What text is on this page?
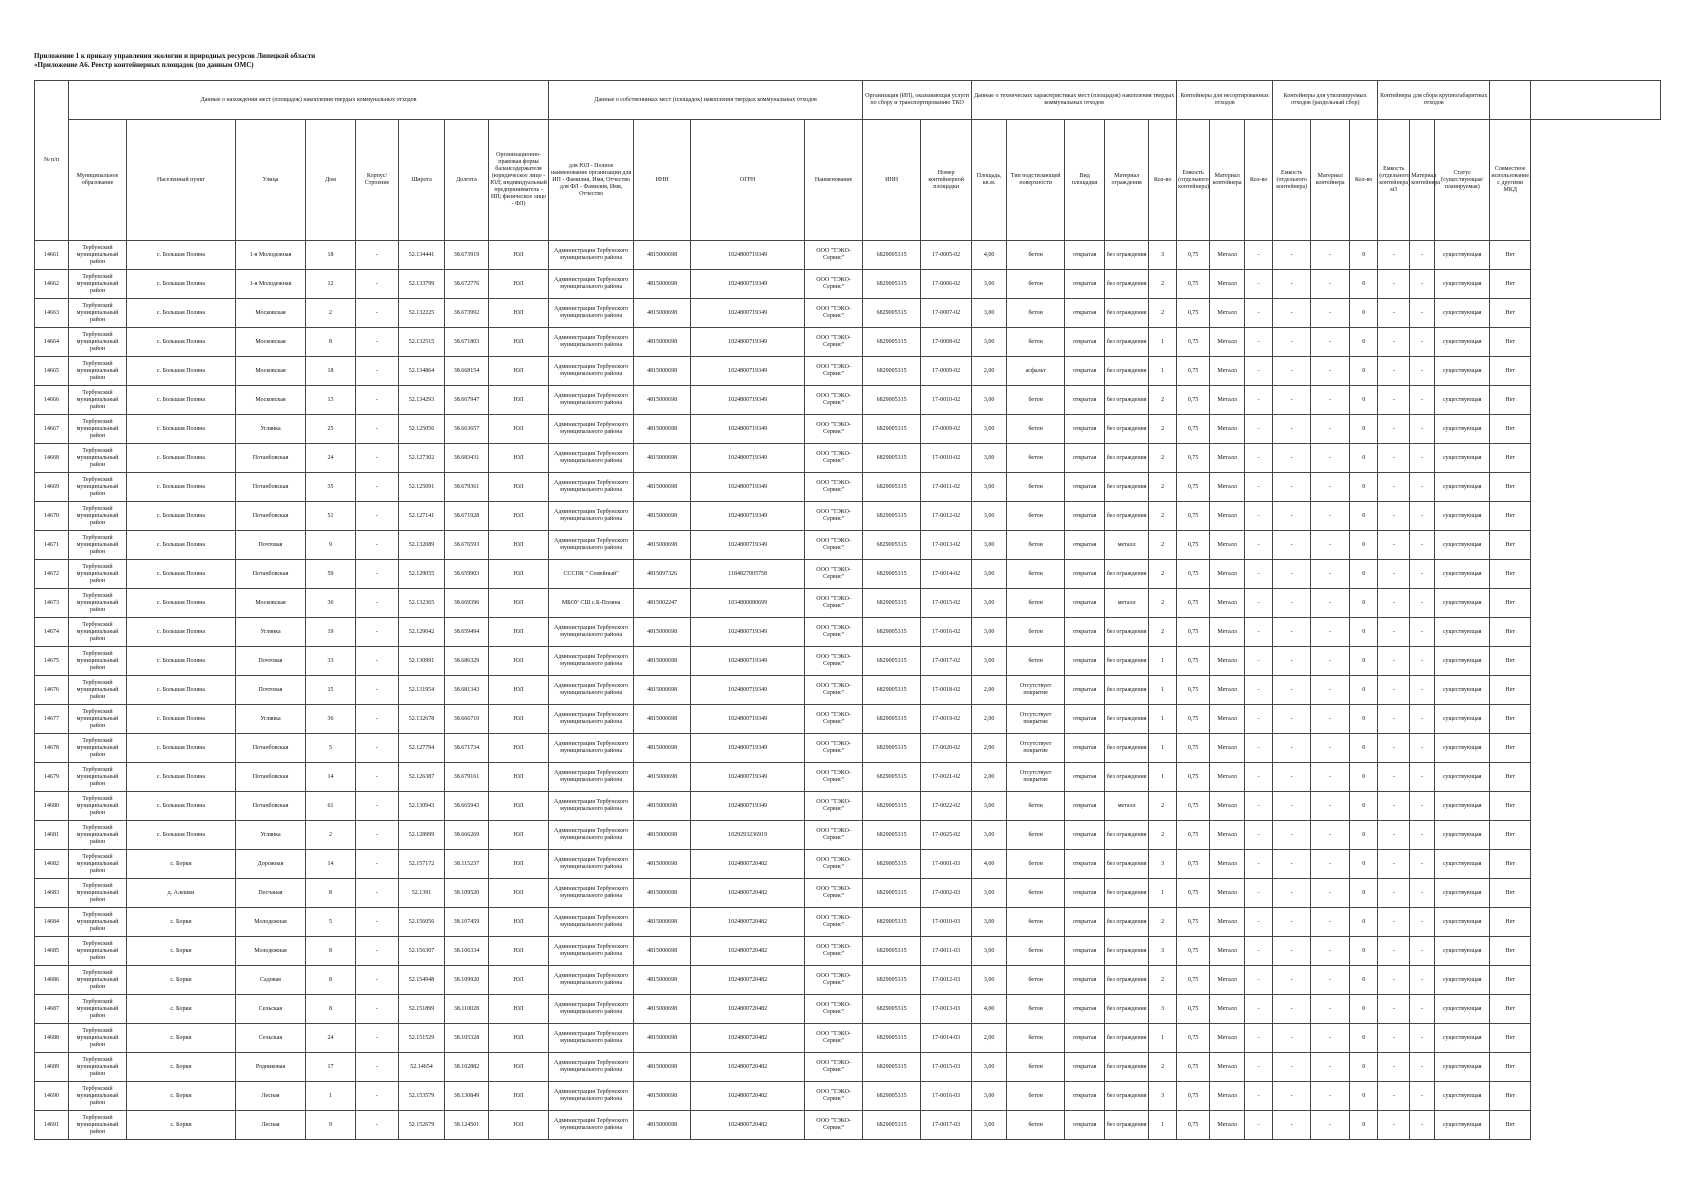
Приложение 1 к приказу управления экологии и природных ресурсов Липецкой области
«Приложение А6. Реестр контейнерных площадок (по данным ОМС)
№ п/п	Данные о нахождении мест (площадок) накопления твердых коммунальных отходов								Данные о собственниках мест (площадок) накопления твердых коммунальных отходов				Организация (ИП), оказывающая услуги по сбору и транспортированию ТКО		Данные о технических характеристиках мест (площадок) накопления твердых коммунальных отходов					Контейнеры для несортированных отходов			Контейнеры для утилизируемых отходов (раздельный сбор)			Контейнеры для сбора крупногабаритных отходов				
	Муниципальное образование	Населенный пункт	Улица	Дом	Корпус/Строение	Широта	Долгота	Организационно-правовая форма балансодержателя (юридическое лицо - ЮЛ; индивидуальный предприниматель - ИП; физическое лицо - ФЛ)	для ЮЛ - Полное наименование организации для ИП - Фамилия, Имя, Отчество для ФЛ - Фамилия, Имя, Отчество	ИНН	ОГРН	Наименование	ИНН	Номер контейнерной площадки	Площадь, кв.м.	Тип подстилающей поверхности	Вид площадки	Материал ограждения	Кол-во	Емкость (отдельного контейнера)	Материал контейнера	Кол-во	Емкость (отдельного контейнера)	Материал контейнера	Кол-во	Емкость (отдельного контейнера) м3	Материал контейнера	Статус (существующая/ планируемая)	Совместное использование с другими МКД	
14661	Тербунский муниципальный район	с. Большая Поляна	1-я Молодежная	18	-	52.134441	38.673919	ЮЛ	Администрация Тербунского муниципального района	4815000698	1024800719349	ООО "ТЭКО-Сервис"	6829005315	17-0005-02	4,00	бетон	открытая	без ограждения	3	0,75	Металл	-	-	-	0	-	-	существующая	Нет	
14662	Тербунский муниципальный район	с. Большая Поляна	1-я Молодежная	12	-	52.133799	38.672776	ЮЛ	Администрация Тербунского муниципального района	4815000698	1024800719349	ООО "ТЭКО-Сервис"	6829005315	17-0006-02	3,00	бетон	открытая	без ограждения	2	0,75	Металл	-	-	-	0	-	-	существующая	Нет	
14663	Тербунский муниципальный район	с. Большая Поляна	Московская	2	-	52.132225	38.673992	ЮЛ	Администрация Тербунского муниципального района	4815000698	1024800719349	ООО "ТЭКО-Сервис"	6829005315	17-0007-02	3,00	бетон	открытая	без ограждения	2	0,75	Металл	-	-	-	0	-	-	существующая	Нет	
14664	Тербунский муниципальный район	с. Большая Поляна	Московская	8	-	52.132515	38.671803	ЮЛ	Администрация Тербунского муниципального района	4815000698	1024800719349	ООО "ТЭКО-Сервис"	6829005315	17-0008-02	3,00	бетон	открытая	без ограждения	1	0,75	Металл	-	-	-	0	-	-	существующая	Нет	
14665	Тербунский муниципальный район	с. Большая Поляна	Московская	18	-	52.134864	38.668154	ЮЛ	Администрация Тербунского муниципального района	4815000698	1024800719349	ООО "ТЭКО-Сервис"	6829005315	17-0009-02	2,00	асфальт	открытая	без ограждения	1	0,75	Металл	-	-	-	0	-	-	существующая	Нет	
14666	Тербунский муниципальный район	с. Большая Поляна	Московская	13	-	52.134293	38.667947	ЮЛ	Администрация Тербунского муниципального района	4815000698	1024800719349	ООО "ТЭКО-Сервис"	6829005315	17-0010-02	3,00	бетон	открытая	без ограждения	2	0,75	Металл	-	-	-	0	-	-	существующая	Нет	
14667	Тербунский муниципальный район	с. Большая Поляна	Углянка	25	-	52.125056	38.663657	ЮЛ	Администрация Тербунского муниципального района	4815000698	1024800719349	ООО "ТЭКО-Сервис"	6829005315	17-0009-02	3,00	бетон	открытая	без ограждения	2	0,75	Металл	-	-	-	0	-	-	существующая	Нет	
14668	Тербунский муниципальный район	с. Большая Поляна	Потанбовская	24	-	52.127302	38.683431	ЮЛ	Администрация Тербунского муниципального района	4815000698	1024800719349	ООО "ТЭКО-Сервис"	6829005315	17-0010-02	3,00	бетон	открытая	без ограждения	2	0,75	Металл	-	-	-	0	-	-	существующая	Нет	
14669	Тербунский муниципальный район	с. Большая Поляна	Потанбовская	35	-	52.125091	38.679361	ЮЛ	Администрация Тербунского муниципального района	4815000698	1024800719349	ООО "ТЭКО-Сервис"	6829005315	17-0011-02	3,00	бетон	открытая	без ограждения	2	0,75	Металл	-	-	-	0	-	-	существующая	Нет	
14670	Тербунский муниципальный район	с. Большая Поляна	Потанбовская	51	-	52.127141	38.671928	ЮЛ	Администрация Тербунского муниципального района	4815000698	1024800719349	ООО "ТЭКО-Сервис"	6829005315	17-0012-02	3,00	бетон	открытая	без ограждения	2	0,75	Металл	-	-	-	0	-	-	существующая	Нет	
14671	Тербунский муниципальный район	с. Большая Поляна	Почтовая	9	-	52.132089	38.676593	ЮЛ	Администрация Тербунского муниципального района	4815000698	1024800719349	ООО "ТЭКО-Сервис"	6829005315	17-0013-02	3,00	бетон	открытая	металл	2	0,75	Металл	-	-	-	0	-	-	существующая	Нет	
14672	Тербунский муниципальный район	с. Большая Поляна	Потанбовская	59	-	52.129055	38.659903	ЮЛ	СССПК " Семейный"	4815097326	1184827005758	ООО "ТЭКО-Сервис"	6829005315	17-0014-02	3,00	бетон	открытая	без ограждения	2	0,75	Металл	-	-	-	0	-	-	существующая	Нет	
14673	Тербунский муниципальный район	с. Большая Поляна	Московская	36	-	52.132365	38.669396	ЮЛ	МБОУ СШ с.Б-Поляна	4815002247	1034800080699	ООО "ТЭКО-Сервис"	6829005315	17-0015-02	3,00	бетон	открытая	металл	2	0,75	Металл	-	-	-	0	-	-	существующая	Нет	
14674	Тербунский муниципальный район	с. Большая Поляна	Углянка	19	-	52.129042	38.659494	ЮЛ	Администрация Тербунского муниципального района	4815000698	1024800719349	ООО "ТЭКО-Сервис"	6829005315	17-0016-02	3,00	бетон	открытая	без ограждения	2	0,75	Металл	-	-	-	0	-	-	существующая	Нет	
14675	Тербунский муниципальный район	с. Большая Поляна	Почтовая	33	-	52.130991	38.686329	ЮЛ	Администрация Тербунского муниципального района	4815000698	1024800719349	ООО "ТЭКО-Сервис"	6829005315	17-0017-02	3,00	бетон	открытая	без ограждения	1	0,75	Металл	-	-	-	0	-	-	существующая	Нет	
14676	Тербунский муниципальный район	с. Большая Поляна	Почтовая	15	-	52.131954	38.681343	ЮЛ	Администрация Тербунского муниципального района	4815000698	1024800719349	ООО "ТЭКО-Сервис"	6829005315	17-0018-02	2,00	Отсутствует покрытие	открытая	без ограждения	1	0,75	Металл	-	-	-	0	-	-	существующая	Нет	
14677	Тербунский муниципальный район	с. Большая Поляна	Углянка	36	-	52.132678	38.666710	ЮЛ	Администрация Тербунского муниципального района	4815000698	1024800719349	ООО "ТЭКО-Сервис"	6829005315	17-0019-02	2,00	Отсутствует покрытие	открытая	без ограждения	1	0,75	Металл	-	-	-	0	-	-	существующая	Нет	
14678	Тербунский муниципальный район	с. Большая Поляна	Потанбовская	5	-	52.127794	38.671734	ЮЛ	Администрация Тербунского муниципального района	4815000698	1024800719349	ООО "ТЭКО-Сервис"	6829005315	17-0020-02	2,00	Отсутствует покрытие	открытая	без ограждения	1	0,75	Металл	-	-	-	0	-	-	существующая	Нет	
14679	Тербунский муниципальный район	с. Большая Поляна	Потанбовская	14	-	52.126387	38.679161	ЮЛ	Администрация Тербунского муниципального района	4815000698	1024800719349	ООО "ТЭКО-Сервис"	6829005315	17-0021-02	2,00	Отсутствует покрытие	открытая	без ограждения	1	0,75	Металл	-	-	-	0	-	-	существующая	Нет	
14680	Тербунский муниципальный район	с. Большая Поляна	Потанбовская	61	-	52.130943	38.665943	ЮЛ	Администрация Тербунского муниципального района	4815000698	1024800719349	ООО "ТЭКО-Сервис"	6829005315	17-0022-02	3,00	бетон	открытая	металл	2	0,75	Металл	-	-	-	0	-	-	существующая	Нет	
14681	Тербунский муниципальный район	с. Большая Поляна	Углянка	2	-	52.128999	38.666269	ЮЛ	Администрация Тербунского муниципального района	4815000698	1029293236919	ООО "ТЭКО-Сервис"	6829005315	17-0025-02	3,00	бетон	открытая	без ограждения	2	0,75	Металл	-	-	-	0	-	-	существующая	Нет	
14682	Тербунский муниципальный район	с. Борки	Дорожная	14	-	52.157172	38.115237	ЮЛ	Администрация Тербунского муниципального района	4815000698	1024800720482	ООО "ТЭКО-Сервис"	6829005315	17-0001-03	4,00	бетон	открытая	без ограждения	3	0,75	Металл	-	-	-	0	-	-	существующая	Нет	
14683	Тербунский муниципальный район	д. Алешки	Песчаная	8	-	52.1391	38.109520	ЮЛ	Администрация Тербунского муниципального района	4815000698	1024800720482	ООО "ТЭКО-Сервис"	6829005315	17-0002-03	3,00	бетон	открытая	без ограждения	1	0,75	Металл	-	-	-	0	-	-	существующая	Нет	
14684	Тербунский муниципальный район	с. Борки	Молодежная	5	-	52.156056	38.107459	ЮЛ	Администрация Тербунского муниципального района	4815000698	1024800720482	ООО "ТЭКО-Сервис"	6829005315	17-0010-03	3,00	бетон	открытая	без ограждения	2	0,75	Металл	-	-	-	0	-	-	существующая	Нет	
14685	Тербунский муниципальный район	с. Борки	Молодежная	8	-	52.156307	38.106334	ЮЛ	Администрация Тербунского муниципального района	4815000698	1024800720482	ООО "ТЭКО-Сервис"	6829005315	17-0011-03	3,00	бетон	открытая	без ограждения	3	0,75	Металл	-	-	-	0	-	-	существующая	Нет	
14686	Тербунский муниципальный район	с. Борки	Садовая	8	-	52.154948	38.109920	ЮЛ	Администрация Тербунского муниципального района	4815000698	1024800720482	ООО "ТЭКО-Сервис"	6829005315	17-0012-03	3,00	бетон	открытая	без ограждения	2	0,75	Металл	-	-	-	0	-	-	существующая	Нет	
14687	Тербунский муниципальный район	с. Борки	Сельская	8	-	52.151899	38.110028	ЮЛ	Администрация Тербунского муниципального района	4815000698	1024800720482	ООО "ТЭКО-Сервис"	6829005315	17-0013-03	4,00	бетон	открытая	без ограждения	3	0,75	Металл	-	-	-	0	-	-	существующая	Нет	
14688	Тербунский муниципальный район	с. Борки	Сельская	24	-	52.151529	38.105328	ЮЛ	Администрация Тербунского муниципального района	4815000698	1024800720482	ООО "ТЭКО-Сервис"	6829005315	17-0014-03	2,00	бетон	открытая	без ограждения	1	0,75	Металл	-	-	-	0	-	-	существующая	Нет	
14689	Тербунский муниципальный район	с. Борки	Родниковая	17	-	52.14654	38.102882	ЮЛ	Администрация Тербунского муниципального района	4815000698	1024800720482	ООО "ТЭКО-Сервис"	6829005315	17-0015-03	3,00	бетон	открытая	без ограждения	2	0,75	Металл	-	-	-	0	-	-	существующая	Нет	
14690	Тербунский муниципальный район	с. Борки	Лесная	1	-	52.153579	38.130849	ЮЛ	Администрация Тербунского муниципального района	4815000698	1024800720482	ООО "ТЭКО-Сервис"	6829005315	17-0016-03	3,00	бетон	открытая	без ограждения	3	0,75	Металл	-	-	-	0	-	-	существующая	Нет	
14691	Тербунский муниципальный район	с. Борки	Лесная	9	-	52.152679	38.124501	ЮЛ	Администрация Тербунского муниципального района	4815000698	1024800720482	ООО "ТЭКО-Сервис"	6829005315	17-0017-03	3,00	бетон	открытая	без ограждения	1	0,75	Металл	-	-	-	0	-	-	существующая	Нет	
